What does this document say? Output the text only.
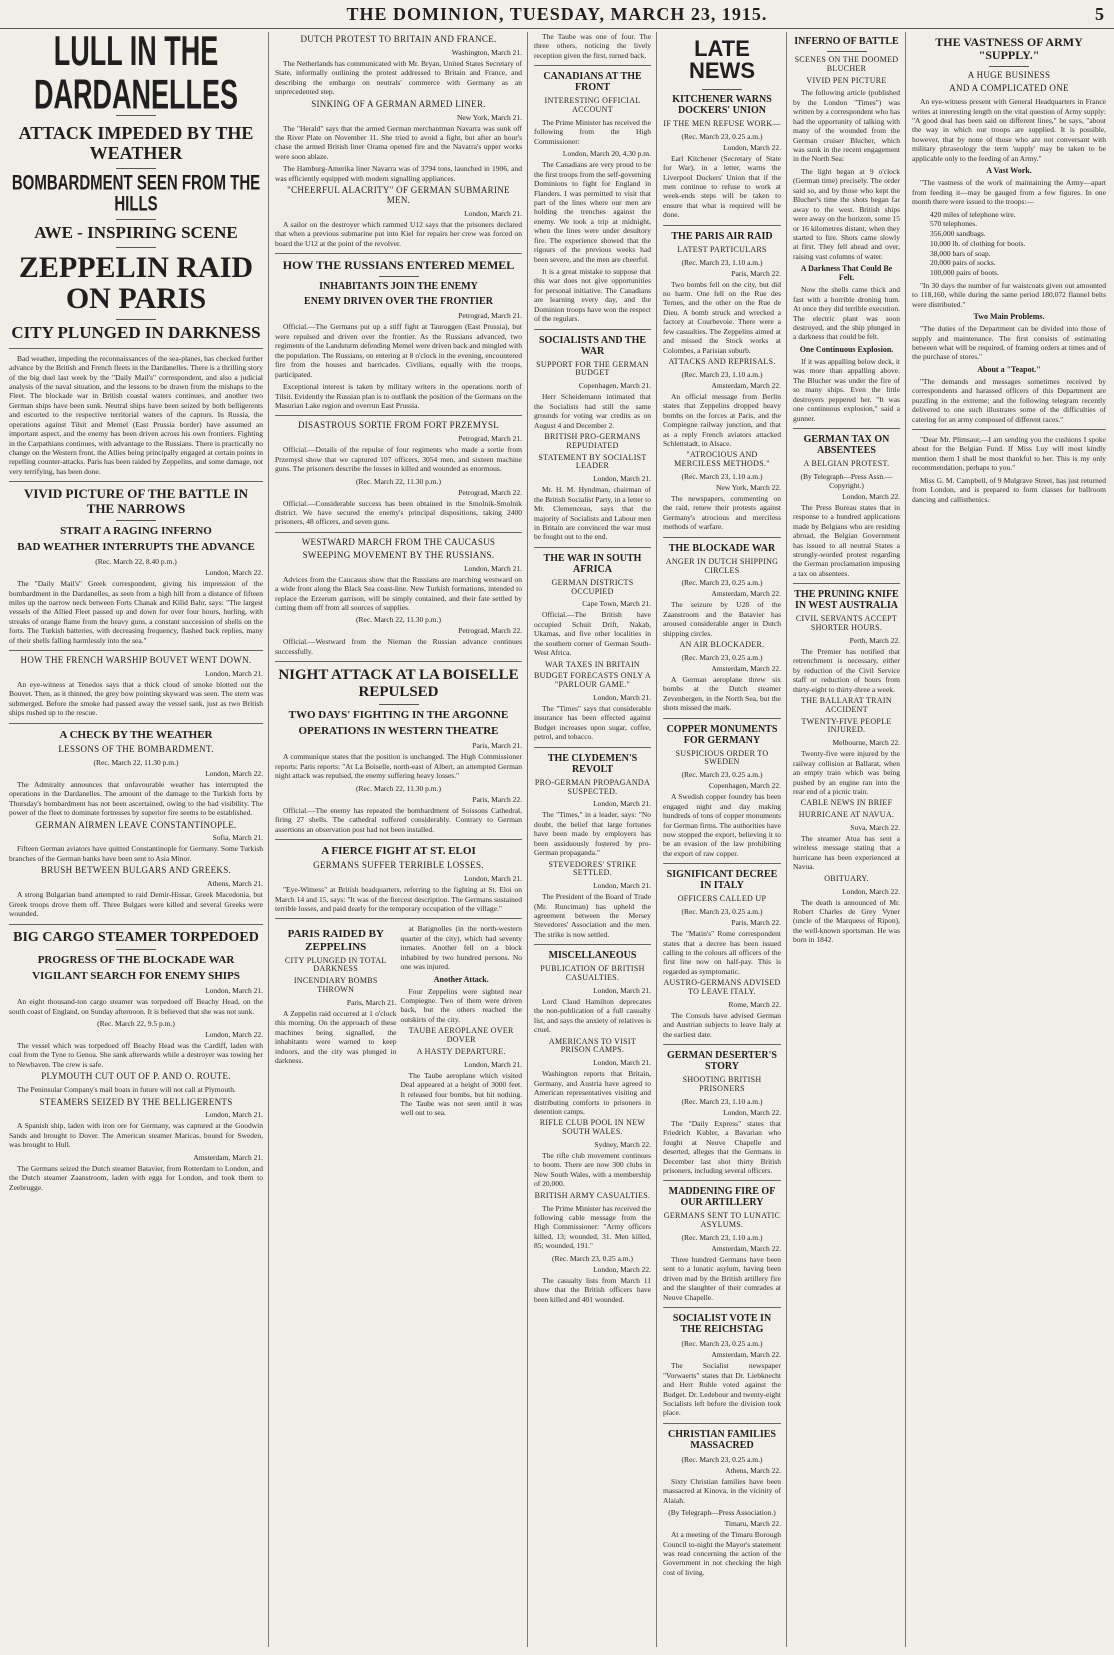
THE DOMINION, TUESDAY, MARCH 23, 1915.	5
LULL IN THE DARDANELLES
ATTACK IMPEDED BY THE WEATHER
BOMBARDMENT SEEN FROM THE HILLS
AWE - INSPIRING SCENE
ZEPPELIN RAID ON PARIS
CITY PLUNGED IN DARKNESS

Bad weather, impeding the reconnaissances of the sea-planes, has checked further advance by the British and French fleets in the Dardanelles. There is a thrilling story of the big duel last week by the "Daily Mail's" correspondent, and also a judicial analysis of the naval situation, and the lessons to be drawn from the mishaps to the Fleet. The blockade war in British coastal waters continues, and another two German ships have been sunk. Neutral ships have been seized by both belligerents and escorted to the respective territorial waters of the captors. In Russia, the operations against Tilsit and Memel (East Prussia border) have assumed an important aspect, and the enemy has been driven across his own frontiers. Fighting in the Carpathians continues, with advantage to the Russians. There is practically no change on the Western front, the Allies being principally engaged at certain points in repelling counter-attacks. Paris has been raided by Zeppelins, and some damage, not very terrifying, has been done.

VIVID PICTURE OF THE BATTLE IN THE NARROWS
STRAIT A RAGING INFERNO
BAD WEATHER INTERRUPTS THE ADVANCE
(Rec. March 22, 8.40 p.m.)
London, March 22.

The "Daily Mail's" Greek correspondent, giving his impression of the bombardment in the Dardanelles, as seen from a high hill from a distance of fifteen miles up the narrow neck between Forts Chanak and Kilid Bahr, says: "The largest vessels of the Allied Fleet passed up and down for over four hours, hurling, with streaks of orange flame from the heavy guns, a constant succession of shells on the forts. The Turkish batteries, with decreasing frequency, flashed back replies, many of their shells falling harmlessly into the sea."

HOW THE FRENCH WARSHIP BOUVET WENT DOWN.
London, March 21.

An eye-witness at Tenedos says that a thick cloud of smoke blotted out the Bouvet. Then, as it thinned, the grey bow pointing skyward was seen. The stern was submerged. Before the smoke had passed away the vessel sank, just as two British ships rushed up to the rescue.

A CHECK BY THE WEATHER
LESSONS OF THE BOMBARDMENT.
(Rec. March 22, 11.30 p.m.)
London, March 22.

The Admiralty announces that unfavourable weather has interrupted the operations in the Dardanelles. The amount of the damage to the Turkish forts by Thursday's bombardment has not been ascertained, owing to the bad visibility. The power of the fleet to dominate fortresses by superior fire seems to be established.

GERMAN AIRMEN LEAVE CONSTANTINOPLE.
Sofia, March 21.

Fifteen German aviators have quitted Constantinople for Germany. Some Turkish branches of the German banks have been sent to Asia Minor.

BRUSH BETWEEN BULGARS AND GREEKS.
Athens, March 21.

A strong Bulgarian band attempted to raid Demir-Hissar, Greek Macedonia, but Greek troops drove them off. Three Bulgars were killed and several Greeks were wounded.

BIG CARGO STEAMER TORPEDOED
PROGRESS OF THE BLOCKADE WAR
VIGILANT SEARCH FOR ENEMY SHIPS
London, March 21.

An eight thousand-ton cargo steamer was torpedoed off Beachy Head, on the south coast of England, on Sunday afternoon. It is believed that she was not sunk.

(Rec. March 22, 9.5 p.m.)
London, March 22.

The vessel which was torpedoed off Beachy Head was the Cardiff, laden with coal from the Tyne to Genoa. She sank afterwards while a destroyer was towing her to Newhaven. The crew is safe.

PLYMOUTH CUT OUT OF P. AND O. ROUTE.

The Peninsular Company's mail boats in future will not call at Plymouth.

STEAMERS SEIZED BY THE BELLIGERENTS
London, March 21.

A Spanish ship, laden with iron ore for Germany, was captured at the Goodwin Sands and brought to Dover. The American steamer Maricas, bound for Sweden, was brought to Hull.

Amsterdam, March 21.

The Germans seized the Dutch steamer Batavier, from Rotterdam to London, and the Dutch steamer Zaanstroom, laden with eggs for London, and took them to Zeebrugge.

DUTCH PROTEST TO BRITAIN AND FRANCE.
Washington, March 21.

The Netherlands has communicated with Mr. Bryan, United States Secretary of State, informally outlining the protest addressed to Britain and France, and describing the embargo on neutrals' commerce with Germany as an unprecedented step.

SINKING OF A GERMAN ARMED LINER.
New York, March 21.

The "Herald" says that the armed German merchantman Navarra was sunk off the River Plate on November 11. She tried to avoid a fight, but after an hour's chase the armed British liner Orama opened fire and the Navarra's upper works were soon ablaze.

The Hamburg-Amerika liner Navarra was of 3794 tons, launched in 1906, and was efficiently equipped with modern signalling appliances.

"CHEERFUL ALACRITY" OF GERMAN SUBMARINE MEN.
London, March 21.

A sailor on the destroyer which rammed U12 says that the prisoners declared that when a previous submarine put into Kiel for repairs her crew was forced on board the U12 at the point of the revolver.

HOW THE RUSSIANS ENTERED MEMEL
INHABITANTS JOIN THE ENEMY
ENEMY DRIVEN OVER THE FRONTIER
Petrograd, March 21.

Official.—The Germans put up a stiff fight at Tauroggen (East Prussia), but were repulsed and driven over the frontier. As the Russians advanced, two regiments of the Landsturm defending Memel were driven back and mingled with the population. The Russians, on entering at 8 o'clock in the evening, encountered fire from the houses and barricades. Civilians, equally with the troops, participated.

Exceptional interest is taken by military writers in the operations north of Tilsit. Evidently the Russian plan is to outflank the position of the Germans on the Masurian Lake region and overrun East Prussia.

DISASTROUS SORTIE FROM FORT PRZEMYSL
Petrograd, March 21.

Official.—Details of the repulse of four regiments who made a sortie from Przemysl show that we captured 107 officers, 3054 men, and sixteen machine guns. The prisoners describe the losses in killed and wounded as enormous.

(Rec. March 22, 11.30 p.m.)
Petrograd, March 22.

Official.—Considerable success has been obtained in the Smolnik-Smolnik district. We have secured the enemy's principal dispositions, taking 2400 prisoners, 48 officers, and seven guns.

WESTWARD MARCH FROM THE CAUCASUS
SWEEPING MOVEMENT BY THE RUSSIANS.
London, March 21.

Advices from the Caucasus show that the Russians are marching westward on a wide front along the Black Sea coast-line. New Turkish formations, intended to replace the Erzerum garrison, will be simply contained, and their fate settled by cutting them off from all sources of supplies.

(Rec. March 22, 11.30 p.m.)
Petrograd, March 22.

Official.—Westward from the Nieman the Russian advance continues successfully.

NIGHT ATTACK AT LA BOISELLE REPULSED
TWO DAYS' FIGHTING IN THE ARGONNE
OPERATIONS IN WESTERN THEATRE
Paris, March 21.

A communique states that the position is unchanged. The High Commissioner reports: Paris reports: "At La Boiselle, north-east of Albert, an attempted German night attack was repulsed, the enemy suffering heavy losses."

(Rec. March 22, 11.30 p.m.)
Paris, March 22.

Official.—The enemy has repeated the bombardment of Soissons Cathedral, firing 27 shells. The cathedral suffered considerably. Contrary to German assertions an observation post had not been installed.

A FIERCE FIGHT AT ST. ELOI
GERMANS SUFFER TERRIBLE LOSSES.
London, March 21.

"Eye-Witness" at British headquarters, referring to the fighting at St. Eloi on March 14 and 15, says: "It was of the fiercest description. The Germans sustained terrible losses, and paid dearly for the temporary occupation of the village."

PARIS RAIDED BY ZEPPELINS
CITY PLUNGED IN TOTAL DARKNESS
INCENDIARY BOMBS THROWN
Paris, March 21.

A Zeppelin raid occurred at 1 o'clock this morning. On the approach of these machines being signalled, the inhabitants were warned to keep indoors, and the city was plunged in darkness.

at Batignolles (in the north-western quarter of the city), which had seventy inmates. Another fell on a block inhabited by two hundred persons. No one was injured.

Another Attack.

Four Zeppelins were sighted near Compiegne. Two of them were driven back, but the others reached the outskirts of the city.

TAUBE AEROPLANE OVER DOVER
A HASTY DEPARTURE.
London, March 21.

The Taube aeroplane which visited Deal appeared at a height of 3000 feet. It released four bombs, but hit nothing. The Taube was not seen until it was well out to sea.

The Taube was one of four. The three others, noticing the lively reception given the first, turned back.

CANADIANS AT THE FRONT
INTERESTING OFFICIAL ACCOUNT

The Prime Minister has received the following from the High Commissioner:

London, March 20, 4.30 p.m.

The Canadians are very proud to be the first troops from the self-governing Dominions to fight for England in Flanders. I was permitted to visit that part of the lines where our men are holding the trenches against the enemy. We took a trip at midnight, when the lines were under desultory fire. The experience showed that the rigours of the previous weeks had been severe, and the men are cheerful.

It is a great mistake to suppose that this war does not give opportunities for personal initiative. The Canadians are learning every day, and the Dominion troops have won the respect of the regulars.

SOCIALISTS AND THE WAR
SUPPORT FOR THE GERMAN BUDGET
Copenhagen, March 21.

Herr Scheidemann intimated that the Socialists had still the same grounds for voting war credits as on August 4 and December 2.

BRITISH PRO-GERMANS REPUDIATED
STATEMENT BY SOCIALIST LEADER
London, March 21.

Mr. H. M. Hyndman, chairman of the British Socialist Party, in a letter to Mr. Clemenceau, says that the majority of Socialists and Labour men in Britain are convinced the war must be fought out to the end.

THE WAR IN SOUTH AFRICA
GERMAN DISTRICTS OCCUPIED
Cape Town, March 21.

Official.—The British have occupied Schuit Drift, Nakab, Ukamas, and five other localities in the southern corner of German South-West Africa.

WAR TAXES IN BRITAIN
BUDGET FORECASTS ONLY A "PARLOUR GAME."
London, March 21.

The "Times" says that considerable insurance has been effected against Budget increases upon sugar, coffee, petrol, and tobacco.

THE CLYDEMEN'S REVOLT
PRO-GERMAN PROPAGANDA SUSPECTED.
London, March 21.

The "Times," in a leader, says: "No doubt, the belief that large fortunes have been made by employers has been assiduously fostered by pro-German propaganda."

STEVEDORES' STRIKE SETTLED.
London, March 21.

The President of the Board of Trade (Mr. Runciman) has upheld the agreement between the Mersey Stevedores' Association and the men. The strike is now settled.

MISCELLANEOUS
PUBLICATION OF BRITISH CASUALTIES.
London, March 21.

Lord Claud Hamilton deprecates the non-publication of a full casualty list, and says the anxiety of relatives is cruel.

AMERICANS TO VISIT PRISON CAMPS.
London, March 21.

Washington reports that Britain, Germany, and Austria have agreed to American representatives visiting and distributing comforts to prisoners in detention camps.

RIFLE CLUB POOL IN NEW SOUTH WALES.
Sydney, March 22.

The rifle club movement continues to boom. There are now 300 clubs in New South Wales, with a membership of 20,000.

BRITISH ARMY CASUALTIES.

The Prime Minister has received the following cable message from the High Commissioner: "Army officers killed, 13; wounded, 31. Men killed, 85; wounded, 191."

(Rec. March 23, 0.25 a.m.)
London, March 22.

The casualty lists from March 11 show that the British officers have been killed and 401 wounded.

LATE NEWS
KITCHENER WARNS DOCKERS' UNION
IF THE MEN REFUSE WORK—
(Rec. March 23, 0.25 a.m.)
London, March 22.

Earl Kitchener (Secretary of State for War), in a letter, warns the Liverpool Dockers' Union that if the men continue to refuse to work at week-ends steps will be taken to ensure that what is required will be done.

THE PARIS AIR RAID
LATEST PARTICULARS
(Rec. March 23, 1.10 a.m.)
Paris, March 22.

Two bombs fell on the city, but did no harm. One fell on the Rue des Ternes, and the other on the Rue de Dieu. A bomb struck and wrecked a factory at Courbevoie. There were a few casualties. The Zeppelins aimed at and missed the Stock works at Colombes, a Parisian suburb.

ATTACKS AND REPRISALS.
(Rec. March 23, 1.10 a.m.)
Amsterdam, March 22.

An official message from Berlin states that Zeppelins dropped heavy bombs on the forces at Paris, and the Compiegne railway junction, and that as a reply French aviators attacked Schlettstadt, in Alsace.

"ATROCIOUS AND MERCILESS METHODS."
(Rec. March 23, 1.10 a.m.)
New York, March 22.

The newspapers, commenting on the raid, renew their protests against Germany's atrocious and merciless methods of warfare.

THE BLOCKADE WAR
ANGER IN DUTCH SHIPPING CIRCLES
(Rec. March 23, 0.25 a.m.)
Amsterdam, March 22.

The seizure by U28 of the Zaanstroom and the Batavier has aroused considerable anger in Dutch shipping circles.

AN AIR BLOCKADER.
(Rec. March 23, 0.25 a.m.)
Amsterdam, March 22.

A German aeroplane threw six bombs at the Dutch steamer Zevenbergen, in the North Sea, but the shots missed the mark.

COPPER MONUMENTS FOR GERMANY
SUSPICIOUS ORDER TO SWEDEN
(Rec. March 23, 0.25 a.m.)
Copenhagen, March 22.

A Swedish copper foundry has been engaged night and day making hundreds of tons of copper monuments for German firms. The authorities have now stopped the export, believing it to be an evasion of the law prohibiting the export of raw copper.

SIGNIFICANT DECREE IN ITALY
OFFICERS CALLED UP
(Rec. March 23, 0.25 a.m.)
Paris, March 22.

The "Matin's" Rome correspondent states that a decree has been issued calling to the colours all officers of the first line now on half-pay. This is regarded as symptomatic.

AUSTRO-GERMANS ADVISED TO LEAVE ITALY.
Rome, March 22.

The Consuls have advised German and Austrian subjects to leave Italy at the earliest date.

GERMAN DESERTER'S STORY
SHOOTING BRITISH PRISONERS
(Rec. March 23, 1.10 a.m.)
London, March 22.

The "Daily Express" states that Friedrich Kubler, a Bavarian who fought at Neuve Chapelle and deserted, alleges that the Germans in December last shot thirty British prisoners, including several officers.

MADDENING FIRE OF OUR ARTILLERY
GERMANS SENT TO LUNATIC ASYLUMS.
(Rec. March 23, 1.10 a.m.)
Amsterdam, March 22.

Three hundred Germans have been sent to a lunatic asylum, having been driven mad by the British artillery fire and the slaughter of their comrades at Neuve Chapelle.

SOCIALIST VOTE IN THE REICHSTAG
(Rec. March 23, 0.25 a.m.)
Amsterdam, March 22.

The Socialist newspaper "Vorwaerts" states that Dr. Liebknecht and Herr Ruhle voted against the Budget. Dr. Ledebour and twenty-eight Socialists left before the division took place.

CHRISTIAN FAMILIES MASSACRED
(Rec. March 23, 0.25 a.m.)
Athens, March 22.

Sixty Christian families have been massacred at Kinova, in the vicinity of Alaiah.

(By Telegraph—Press Association.)
Timaru, March 22.

At a meeting of the Timaru Borough Council to-night the Mayor's statement was read concerning the action of the Government in not checking the high cost of living.

INFERNO OF BATTLE
SCENES ON THE DOOMED BLUCHER
VIVID PEN PICTURE

The following article (published by the London "Times") was written by a correspondent who has had the opportunity of talking with many of the wounded from the German cruiser Blucher, which was sunk in the recent engagement in the North Sea:

The light began at 9 o'clock (German time) precisely. The order said so, and by those who kept the Blucher's time the shots began far away to the west. British ships were away on the horizon, some 15 or 16 kilometres distant, when they started to fire. Shots came slowly at first. They fell ahead and over, raising vast columns of water.

A Darkness That Could Be Felt.

Now the shells came thick and fast with a horrible droning hum. At once they did terrible execution. The electric plant was soon destroyed, and the ship plunged in a darkness that could be felt.

One Continuous Explosion.

If it was appalling below deck, it was more than appalling above. The Blucher was under the fire of so many ships. Even the little destroyers peppered her. "It was one continuous explosion," said a gunner.

GERMAN TAX ON ABSENTEES
A BELGIAN PROTEST.
(By Telegraph—Press Assn.—Copyright.)
London, March 22.

The Press Bureau states that in response to a hundred applications made by Belgians who are residing abroad, the Belgian Government has issued to all neutral States a strongly-worded protest regarding the German proclamation imposing a tax on absentees.

THE PRUNING KNIFE IN WEST AUSTRALIA
CIVIL SERVANTS ACCEPT SHORTER HOURS.
Perth, March 22.

The Premier has notified that retrenchment is necessary, either by reduction of the Civil Service staff or reduction of hours from thirty-eight to thirty-three a week.

THE BALLARAT TRAIN ACCIDENT
TWENTY-FIVE PEOPLE INJURED.
Melbourne, March 22.

Twenty-five were injured by the railway collision at Ballarat, when an empty train which was being pushed by an engine ran into the rear end of a picnic train.

CABLE NEWS IN BRIEF
HURRICANE AT NAVUA.
Suva, March 22.

The steamer Atua has sent a wireless message stating that a hurricane has been experienced at Navua.

OBITUARY.
London, March 22.

The death is announced of Mr. Robert Charles de Grey Vyner (uncle of the Marquess of Ripon), the well-known sportsman. He was born in 1842.

THE VASTNESS OF ARMY "SUPPLY."
A HUGE BUSINESS
AND A COMPLICATED ONE

An eye-witness present with General Headquarters in France writes at interesting length on the vital question of Army supply: "A good deal has been said on different lines," he says, "about the way in which our troops are supplied. It is possible, however, that by none of those who are not conversant with military phraseology the term 'supply' may be taken to be applicable only to the feeding of an Army."

A Vast Work.

"The vastness of the work of maintaining the Army—apart from feeding it—may be gauged from a few figures. In one month there were issued to the troops:—

420 miles of telephone wire.
570 telephones.
356,000 sandbags.
10,000 lb. of clothing for boots.
38,000 bars of soap.
20,000 pairs of socks.
100,000 pairs of boots.

"In 30 days the number of fur waistcoats given out amounted to 118,160, while during the same period 180,072 flannel belts were distributed."

Two Main Problems.

"The duties of the Department can be divided into those of supply and maintenance. The first consists of estimating between what will be required, of framing orders at times and of the purchase of stores."

About a "Teapot."

"The demands and messages sometimes received by correspondents and harassed officers of this Department are puzzling in the extreme; and the following telegram recently delivered to one such illustrates some of the difficulties of catering for an army composed of different races."

"Dear Mr. Plimsaur,—I am sending you the cushions I spoke about for the Belgian Fund. If Miss Luy will most kindly mention them I shall be most thankful to her. This is my only recommendation, perhaps to you."

Miss G. M. Campbell, of 9 Mulgrave Street, has just returned from London, and is prepared to form classes for ballroom dancing and callisthenics.
